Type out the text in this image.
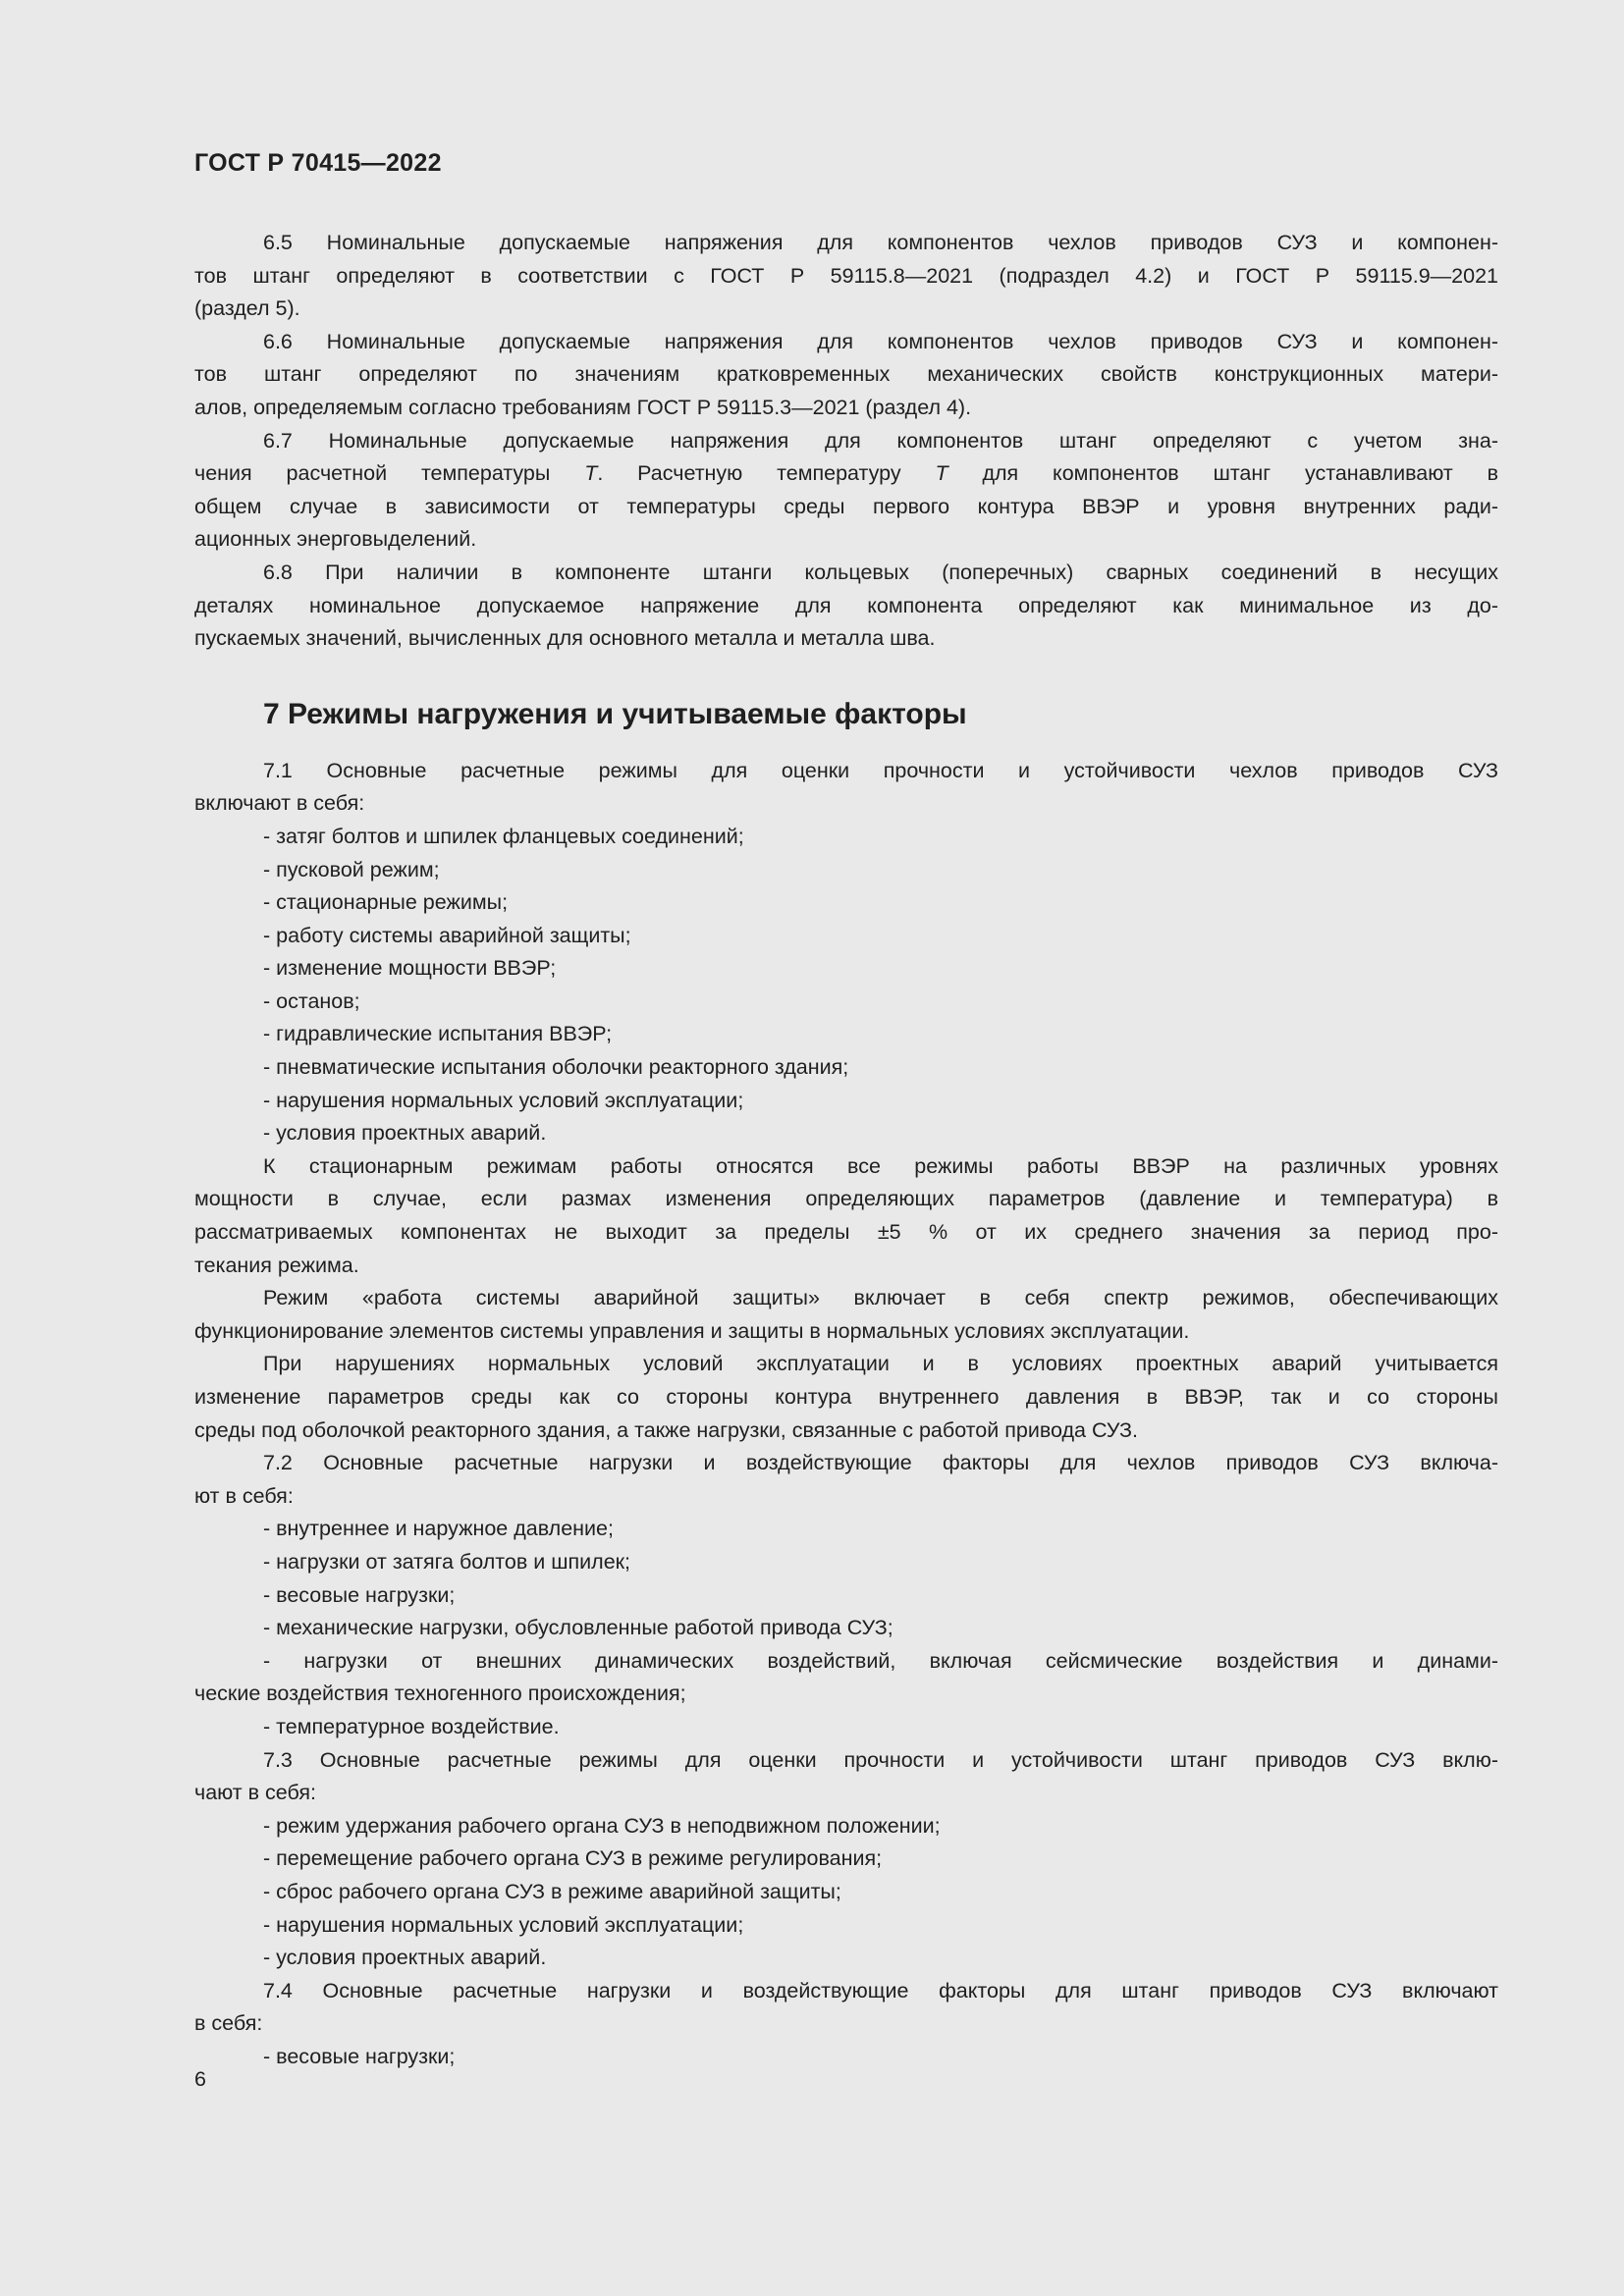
ГОСТ Р 70415—2022
6.5 Номинальные допускаемые напряжения для компонентов чехлов приводов СУЗ и компонен-
тов штанг определяют в соответствии с ГОСТ Р 59115.8—2021 (подраздел 4.2) и ГОСТ Р 59115.9—2021
(раздел 5).
6.6 Номинальные допускаемые напряжения для компонентов чехлов приводов СУЗ и компонен-
тов штанг определяют по значениям кратковременных механических свойств конструкционных матери-
алов, определяемым согласно требованиям ГОСТ Р 59115.3—2021 (раздел 4).
6.7 Номинальные допускаемые напряжения для компонентов штанг определяют с учетом зна-
чения расчетной температуры Т. Расчетную температуру Т для компонентов штанг устанавливают в
общем случае в зависимости от температуры среды первого контура ВВЭР и уровня внутренних ради-
ационных энерговыделений.
6.8 При наличии в компоненте штанги кольцевых (поперечных) сварных соединений в несущих
деталях номинальное допускаемое напряжение для компонента определяют как минимальное из до-
пускаемых значений, вычисленных для основного металла и металла шва.
7 Режимы нагружения и учитываемые факторы
7.1 Основные расчетные режимы для оценки прочности и устойчивости чехлов приводов СУЗ
включают в себя:
- затяг болтов и шпилек фланцевых соединений;
- пусковой режим;
- стационарные режимы;
- работу системы аварийной защиты;
- изменение мощности ВВЭР;
- останов;
- гидравлические испытания ВВЭР;
- пневматические испытания оболочки реакторного здания;
- нарушения нормальных условий эксплуатации;
- условия проектных аварий.
К стационарным режимам работы относятся все режимы работы ВВЭР на различных уровнях
мощности в случае, если размах изменения определяющих параметров (давление и температура) в
рассматриваемых компонентах не выходит за пределы ±5 % от их среднего значения за период про-
текания режима.
Режим «работа системы аварийной защиты» включает в себя спектр режимов, обеспечивающих
функционирование элементов системы управления и защиты в нормальных условиях эксплуатации.
При нарушениях нормальных условий эксплуатации и в условиях проектных аварий учитывается
изменение параметров среды как со стороны контура внутреннего давления в ВВЭР, так и со стороны
среды под оболочкой реакторного здания, а также нагрузки, связанные с работой привода СУЗ.
7.2 Основные расчетные нагрузки и воздействующие факторы для чехлов приводов СУЗ включа-
ют в себя:
- внутреннее и наружное давление;
- нагрузки от затяга болтов и шпилек;
- весовые нагрузки;
- механические нагрузки, обусловленные работой привода СУЗ;
- нагрузки от внешних динамических воздействий, включая сейсмические воздействия и динами-
ческие воздействия техногенного происхождения;
- температурное воздействие.
7.3 Основные расчетные режимы для оценки прочности и устойчивости штанг приводов СУЗ вклю-
чают в себя:
- режим удержания рабочего органа СУЗ в неподвижном положении;
- перемещение рабочего органа СУЗ в режиме регулирования;
- сброс рабочего органа СУЗ в режиме аварийной защиты;
- нарушения нормальных условий эксплуатации;
- условия проектных аварий.
7.4 Основные расчетные нагрузки и воздействующие факторы для штанг приводов СУЗ включают
в себя:
- весовые нагрузки;
6
